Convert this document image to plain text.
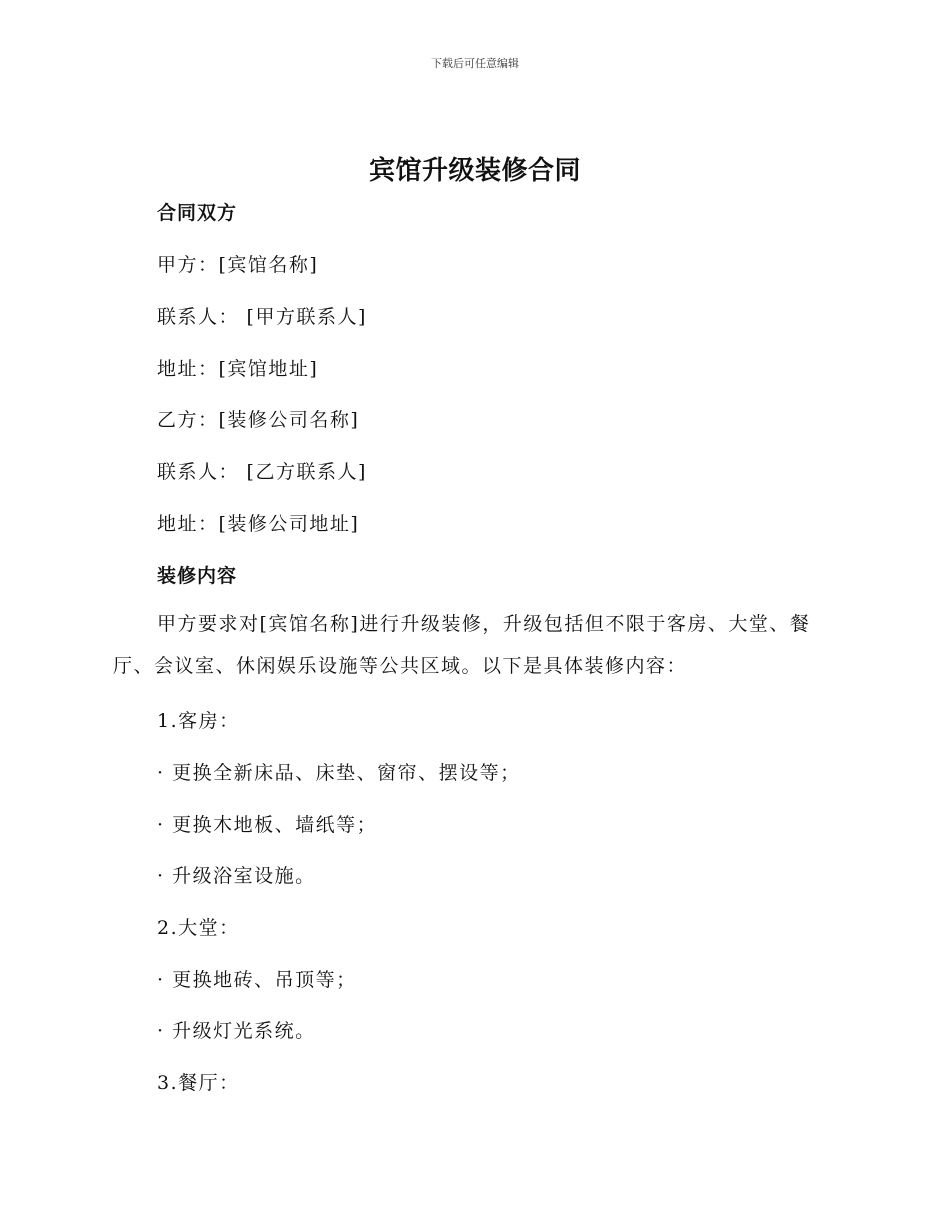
下载后可任意编辑
宾馆升级装修合同
合同双方
甲方：[宾馆名称]
联系人： [甲方联系人]
地址：[宾馆地址]
乙方：[装修公司名称]
联系人： [乙方联系人]
地址：[装修公司地址]
装修内容
甲方要求对[宾馆名称]进行升级装修，升级包括但不限于客房、大堂、餐厅、会议室、休闲娱乐设施等公共区域。以下是具体装修内容：
1.客房：
· 更换全新床品、床垫、窗帘、摆设等；
· 更换木地板、墙纸等；
· 升级浴室设施。
2.大堂：
· 更换地砖、吊顶等；
· 升级灯光系统。
3.餐厅：
